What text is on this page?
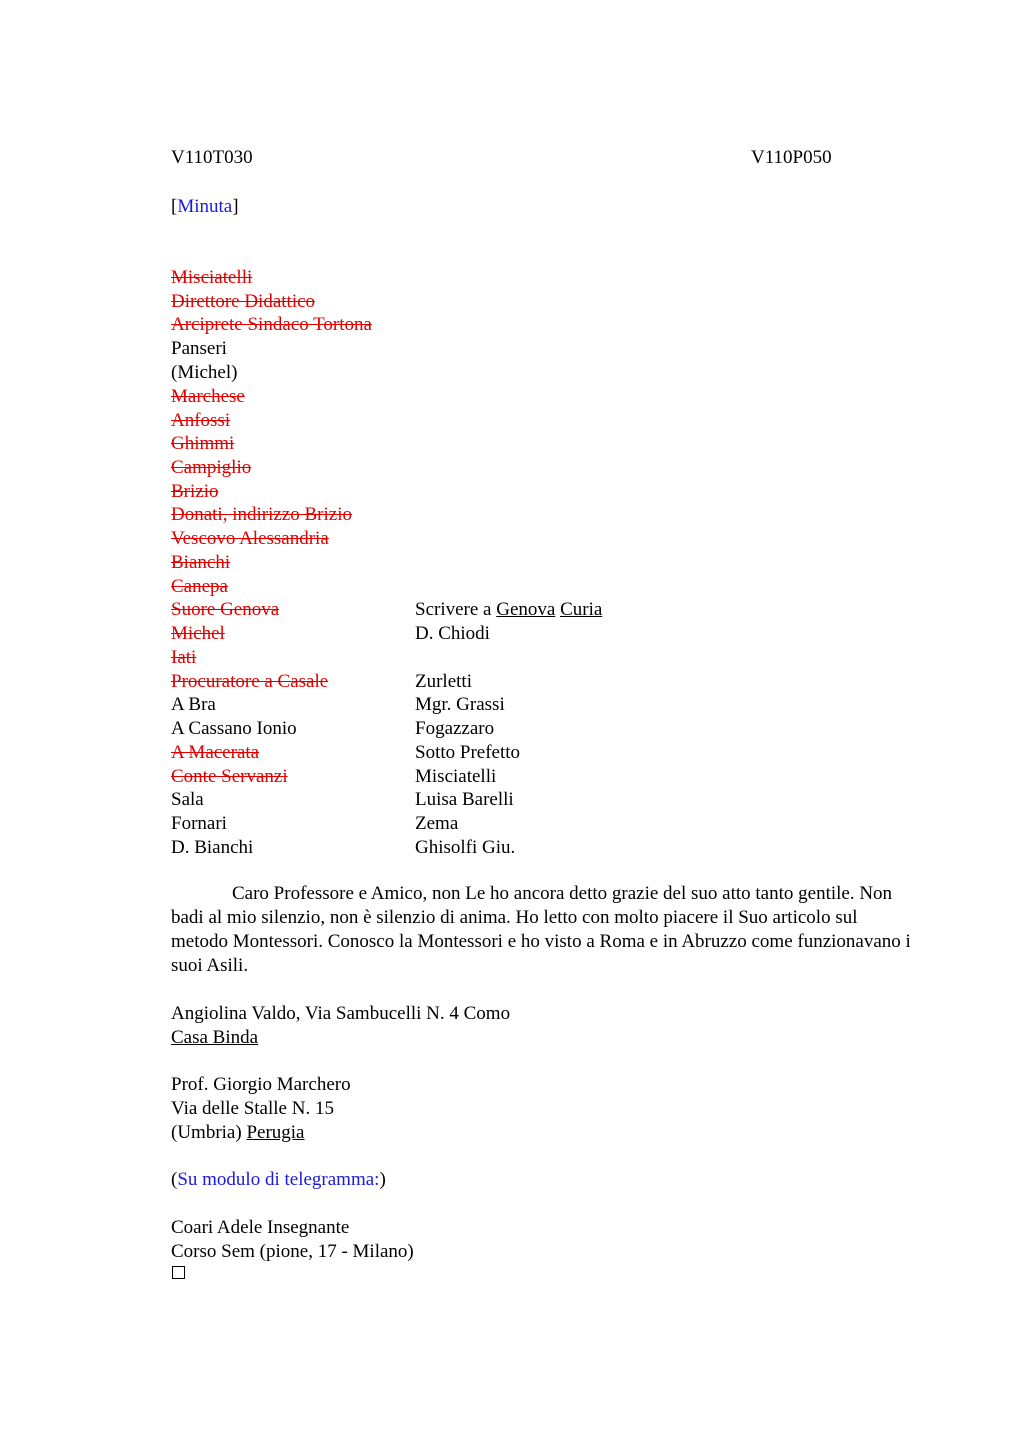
V110T030	V110P050
[Minuta]
Misciatelli
Direttore Didattico
Arciprete Sindaco Tortona
Panseri
(Michel)
Marchese
Anfossi
Ghimmi
Campiglio
Brizio
Donati, indirizzo Brizio
Vescovo Alessandria
Bianchi
Canepa
Suore Genova
Michel
Iati
Procuratore a Casale
A Bra
A Cassano Ionio
A Macerata
Conte Servanzi
Sala
Fornari
D. Bianchi
Scrivere a Genova Curia
D. Chiodi
Zurletti
Mgr. Grassi
Fogazzaro
Sotto Prefetto
Misciatelli
Luisa Barelli
Zema
Ghisolfi Giu.
Caro Professore e Amico, non Le ho ancora detto grazie del suo atto tanto gentile. Non badi al mio silenzio, non è silenzio di anima. Ho letto con molto piacere il Suo articolo sul metodo Montessori. Conosco la Montessori e ho visto a Roma e in Abruzzo come funzionavano i suoi Asili.
Angiolina Valdo, Via Sambucelli N. 4 Como
Casa Binda
Prof. Giorgio Marchero
Via delle Stalle N. 15
(Umbria) Perugia
(Su modulo di telegramma:)
Coari Adele Insegnante
Corso Sem (pione, 17 - Milano)
